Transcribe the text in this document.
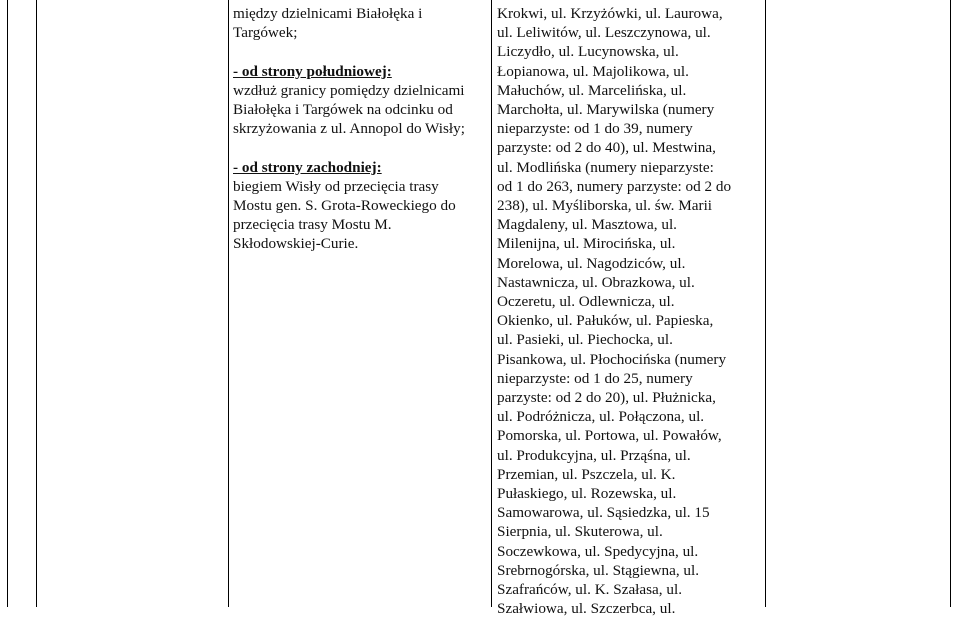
między dzielnicami Białołęka i
Targówek;
- od strony południowej:
wzdłuż granicy pomiędzy dzielnicami
Białołęka i Targówek na odcinku od
skrzyżowania z ul. Annopol do Wisły;
- od strony zachodniej:
biegiem Wisły od przecięcia trasy
Mostu gen. S. Grota-Roweckiego do
przecięcia trasy Mostu M.
Skłodowskiej-Curie.
Krokwi, ul. Krzyżówki, ul. Laurowa,
ul. Leliwitów, ul. Leszczynowa, ul.
Liczydło, ul. Lucynowska, ul.
Łopianowa, ul. Majolikowa, ul.
Małuchów, ul. Marcelińska, ul.
Marchołta, ul. Marywilska (numery
nieparzyste: od 1 do 39, numery
parzyste: od 2 do 40), ul. Mestwina,
ul. Modlińska (numery nieparzyste:
od 1 do 263, numery parzyste: od 2 do
238), ul. Myśliborska, ul. św. Marii
Magdaleny, ul. Masztowa, ul.
Milenijna, ul. Mirocińska, ul.
Morelowa, ul. Nagodziców, ul.
Nastawnicza, ul. Obrazkowa, ul.
Oczeretu, ul. Odlewnicza, ul.
Okienko, ul. Pałuków, ul. Papieska,
ul. Pasieki, ul. Piechocka, ul.
Pisankowa, ul. Płochocińska (numery
nieparzyste: od 1 do 25, numery
parzyste: od 2 do 20), ul. Płużnicka,
ul. Podróżnicza, ul. Połączona, ul.
Pomorska, ul. Portowa, ul. Powałów,
ul. Produkcyjna, ul. Prząśna, ul.
Przemian, ul. Pszczela, ul. K.
Pułaskiego, ul. Rozewska, ul.
Samowarowa, ul. Sąsiedzka, ul. 15
Sierpnia, ul. Skuterowa, ul.
Soczewkowa, ul. Spedycyjna, ul.
Srebrnogórska, ul. Stągiewna, ul.
Szafrańców, ul. K. Szałasa, ul.
Szałwiowa, ul. Szczerbca, ul.
